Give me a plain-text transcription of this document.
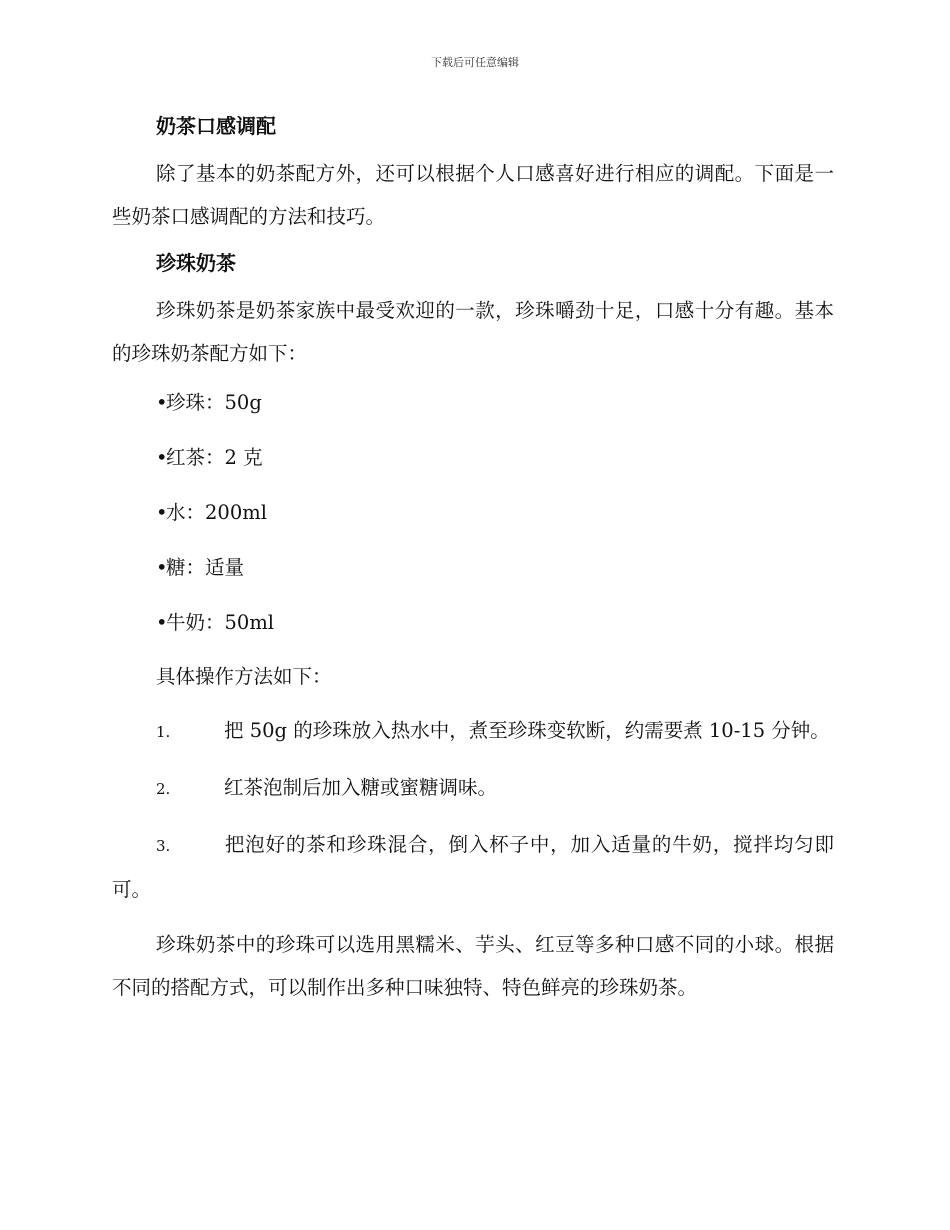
下载后可任意编辑

奶茶口感调配

除了基本的奶茶配方外，还可以根据个人口感喜好进行相应的调配。下面是一些奶茶口感调配的方法和技巧。

珍珠奶茶

珍珠奶茶是奶茶家族中最受欢迎的一款，珍珠嚼劲十足，口感十分有趣。基本的珍珠奶茶配方如下：

•珍珠：50g

•红茶：2 克

•水：200ml

•糖：适量

•牛奶：50ml

具体操作方法如下：

1.	把 50g 的珍珠放入热水中，煮至珍珠变软断，约需要煮 10-15 分钟。

2.	红茶泡制后加入糖或蜜糖调味。

3.	把泡好的茶和珍珠混合，倒入杯子中，加入适量的牛奶，搅拌均匀即可。

珍珠奶茶中的珍珠可以选用黑糯米、芋头、红豆等多种口感不同的小球。根据不同的搭配方式，可以制作出多种口味独特、特色鲜亮的珍珠奶茶。
